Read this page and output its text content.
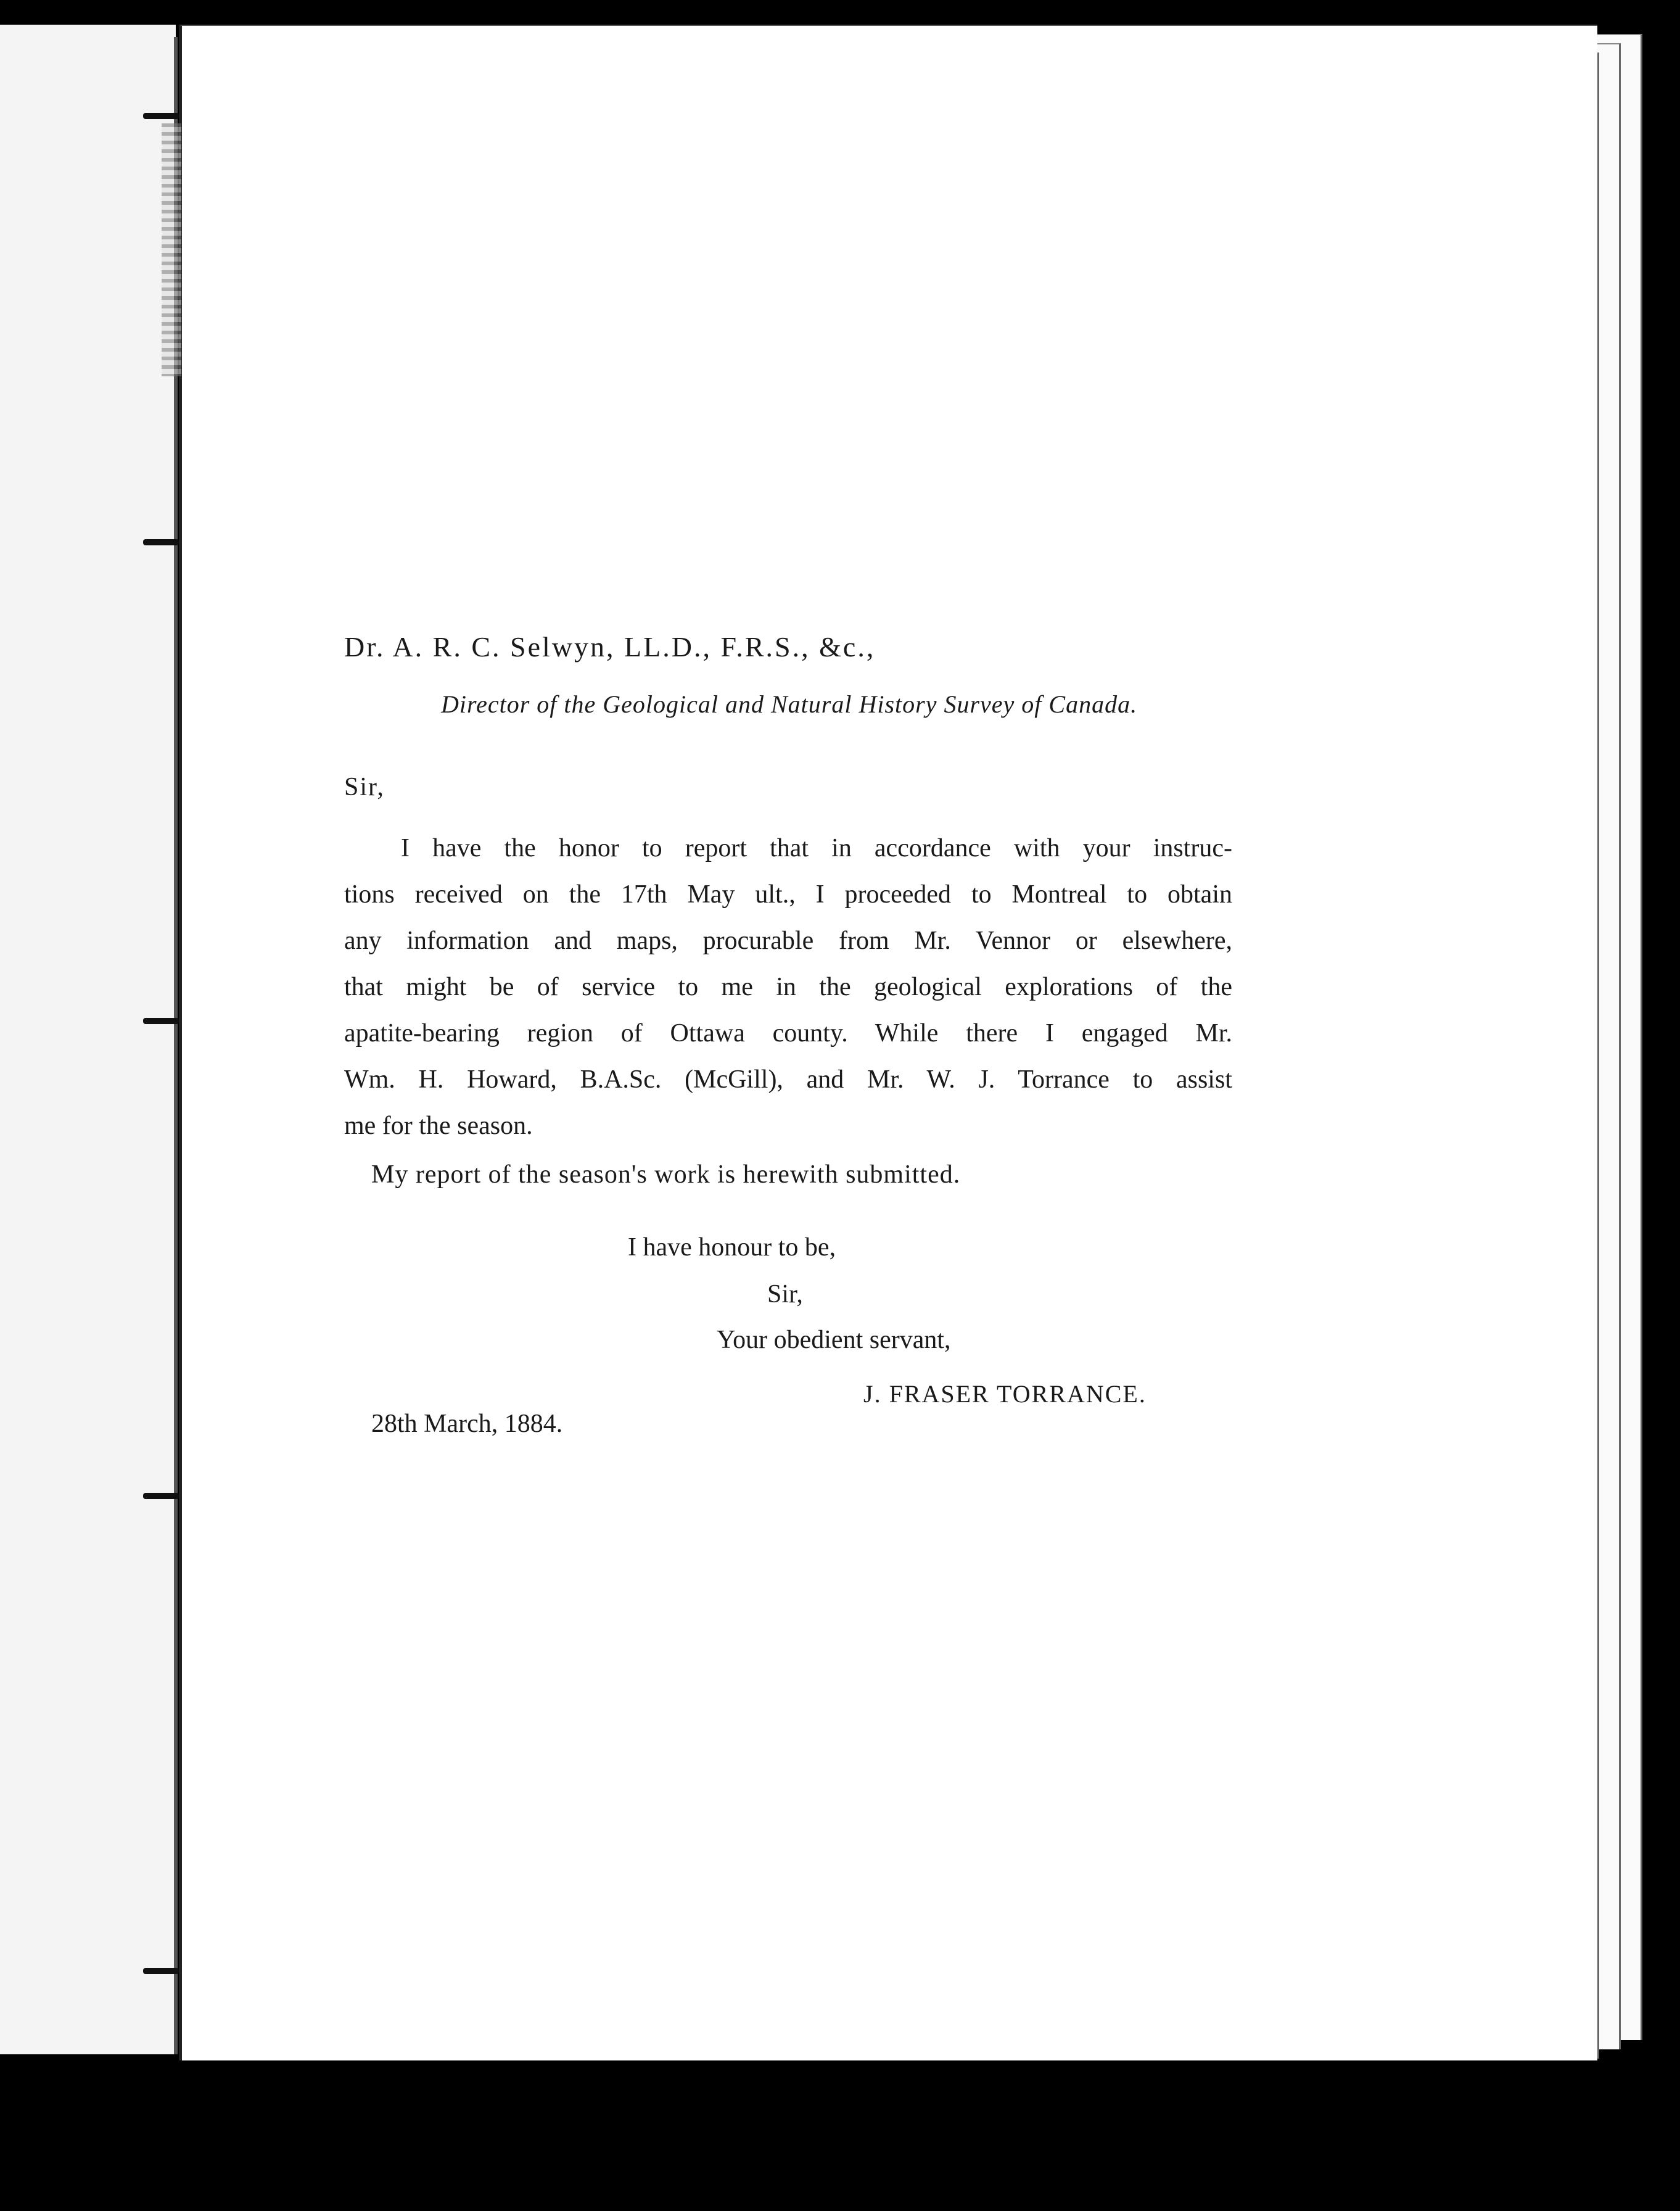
Dr. A. R. C. Selwyn, LL.D., F.R.S., &c.,

Director of the Geological and Natural History Survey of Canada.

Sir,

I have the honor to report that in accordance with your instruc-
tions received on the 17th May ult., I proceeded to Montreal to obtain
any information and maps, procurable from Mr. Vennor or elsewhere,
that might be of service to me in the geological explorations of the
apatite-bearing region of Ottawa county. While there I engaged Mr.
Wm. H. Howard, B.A.Sc. (McGill), and Mr. W. J. Torrance to assist
me for the season.

My report of the season's work is herewith submitted.

I have honour to be,

Sir,

Your obedient servant,

J. FRASER TORRANCE.

28th March, 1884.
